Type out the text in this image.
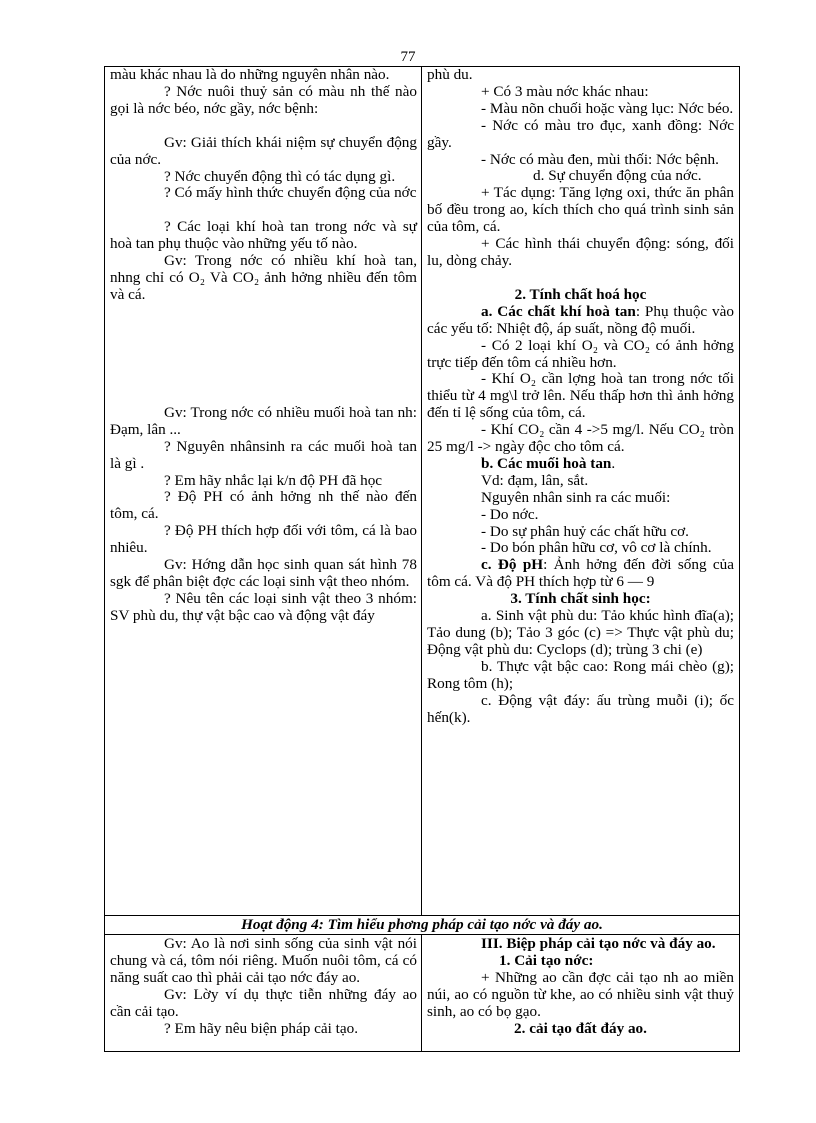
77

màu khác nhau là do những nguyên nhân nào.

? Nớc nuôi thuỷ sản có màu nh thế nào gọi là nớc béo, nớc gầy, nớc bệnh:

Gv: Giải thích khái niệm sự chuyển động của nớc.

? Nớc chuyển động thì có tác dụng gì.

? Có mấy hình thức chuyển động của nớc

? Các loại khí hoà tan trong nớc và sự hoà tan phụ thuộc vào những yếu tố nào.

Gv: Trong nớc có nhiều khí hoà tan, nhng chỉ có O₂ Và CO₂ ảnh hởng nhiều đến tôm và cá.

Gv: Trong nớc có nhiều muối hoà tan nh: Đạm, lân ...

? Nguyên nhânsinh ra các muối hoà tan là gì .

? Em hãy nhắc lại k/n độ PH đã học

? Độ PH có ảnh hởng nh thế nào đến tôm, cá.

? Độ PH thích hợp đối với tôm, cá là bao nhiêu.

Gv: Hớng dẫn học sinh quan sát hình 78 sgk để phân biệt đợc các loại sinh vật theo nhóm.

? Nêu tên các loại sinh vật theo 3 nhóm: SV phù du, thự vật bậc cao và động vật đáy

phù du.

+ Có 3 màu nớc khác nhau:

- Màu nõn chuối hoặc vàng lục: Nớc béo.

- Nớc có màu tro đục, xanh đồng: Nớc gầy.

- Nớc có màu đen, mùi thối: Nớc bệnh.

d. Sự chuyển động của nớc.

+ Tác dụng: Tăng lợng oxi, thức ăn phân bố đều trong ao, kích thích cho quá trình sinh sản của tôm, cá.

+ Các hình thái chuyển động: sóng, đối lu, dòng chảy.

2. Tính chất hoá học

a. Các chất khí hoà tan: Phụ thuộc vào các yếu tố: Nhiệt độ, áp suất, nồng độ muối.

- Có 2 loại khí O₂ và CO₂ có ảnh hởng trực tiếp đến tôm cá nhiều hơn.

- Khí O₂ cần lợng hoà tan trong nớc tối thiểu từ 4 mg\l trở lên. Nếu thấp hơn thì ảnh hởng đến tỉ lệ sống của tôm, cá.

- Khí CO₂ cần 4 ->5 mg/l. Nếu CO₂ tròn 25 mg/l -> ngày độc cho tôm cá.

b. Các muối hoà tan.

Vd: đạm, lân, sắt.

Nguyên nhân sinh ra các muối:

- Do nớc.

- Do sự phân huỷ các chất hữu cơ.

- Do bón phân hữu cơ, vô cơ là chính.

c. Độ pH: Ảnh hởng đến đời sống của tôm cá. Và độ PH thích hợp từ 6 — 9

3. Tính chất sinh học:

a. Sinh vật phù du: Tảo khúc hình đĩa(a); Tảo dung (b); Tảo 3 góc (c) => Thực vật phù du; Động vật phù du: Cyclops (d); trùng 3 chi (e)

b. Thực vật bậc cao: Rong mái chèo (g); Rong tôm (h);

c. Động vật đáy: ấu trùng muỗi (i); ốc hến(k).

Hoạt động 4: Tìm hiểu phơng pháp cải tạo nớc và đáy ao.

Gv: Ao là nơi sinh sống của sinh vật nói chung và cá, tôm nói riêng. Muốn nuôi tôm, cá có năng suất cao thì phải cải tạo nớc đáy ao.

Gv: Lờy ví dụ thực tiễn những đáy ao cần cải tạo.

? Em hãy nêu biện pháp cải tạo.

III. Biệp pháp cải tạo nớc và đáy ao.

1. Cải tạo nớc:

+ Những ao cần đợc cải tạo nh ao miền núi, ao có nguồn từ khe, ao có nhiều sinh vật thuỷ sinh, ao có bọ gạo.

2. cải tạo đất đáy ao.
